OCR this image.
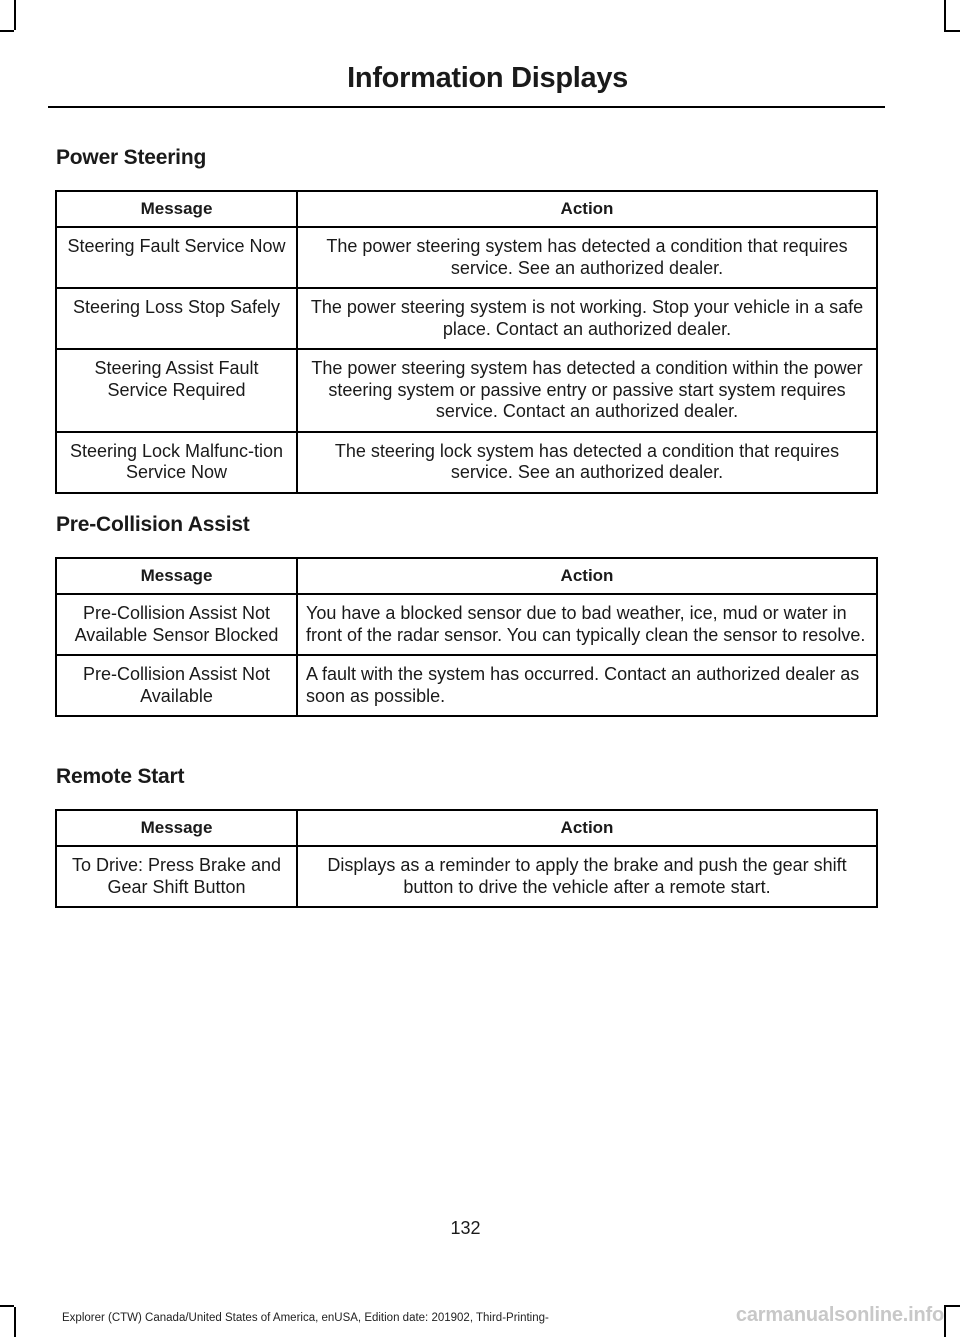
Information Displays
Power Steering
Message	Action
Steering Fault Service Now	The power steering system has detected a condition that requires service. See an authorized dealer.
Steering Loss Stop Safely	The power steering system is not working. Stop your vehicle in a safe place. Contact an authorized dealer.
Steering Assist Fault Service Required	The power steering system has detected a condition within the power steering system or passive entry or passive start system requires service. Contact an authorized dealer.
Steering Lock Malfunc-tion Service Now	The steering lock system has detected a condition that requires service. See an authorized dealer.
Pre-Collision Assist
Message	Action
Pre-Collision Assist Not Available Sensor Blocked	You have a blocked sensor due to bad weather, ice, mud or water in front of the radar sensor. You can typically clean the sensor to resolve.
Pre-Collision Assist Not Available	A fault with the system has occurred. Contact an authorized dealer as soon as possible.
Remote Start
Message	Action
To Drive: Press Brake and Gear Shift Button	Displays as a reminder to apply the brake and push the gear shift button to drive the vehicle after a remote start.
132
Explorer (CTW) Canada/United States of America, enUSA, Edition date: 201902, Third-Printing-	carmanualsonline.info
